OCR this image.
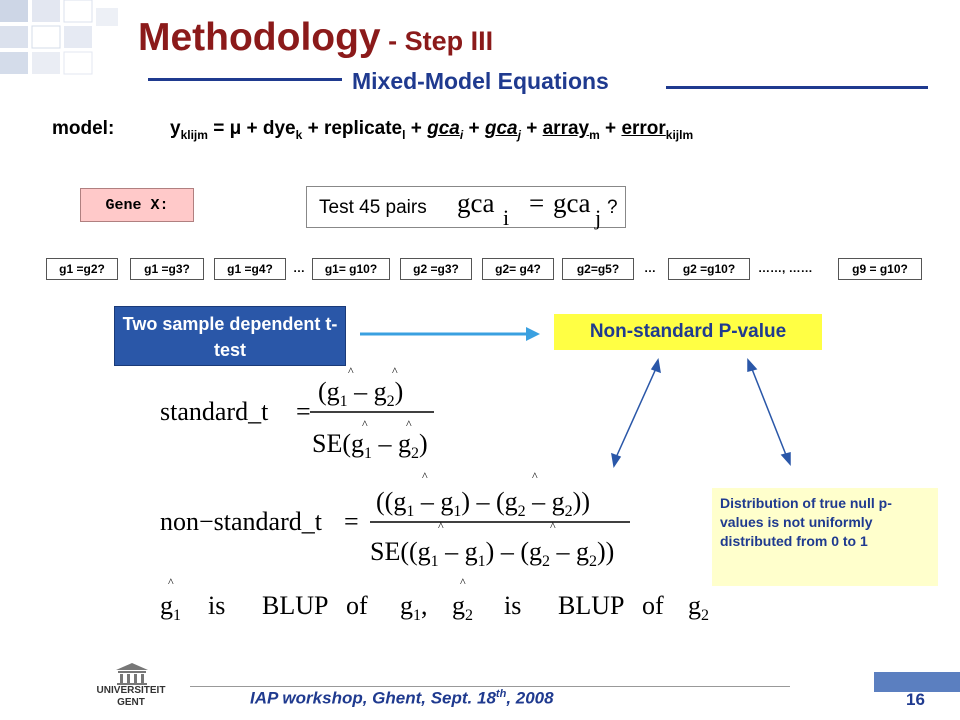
Methodology - Step III
Mixed-Model Equations
model:	$y_{klijm} = \mu + dye_k$ + replicate$_l$ + gca$_i$ + gca$_j$ + array$_m$ + error$_{kijlm}$
Gene X:	Test 45 pairs gca i = gca j ?
g1 =g2?	g1 =g3?	g1 =g4?	…	g1= g10?	g2 =g3?	g2= g4?	g2=g5?	…	g2 =g10?	……, ……	g9 = g10?
Two sample dependent t-test
Non-standard P-value
Distribution of true null p-values is not uniformly distributed from 0 to 1
standard_t =
^	^
$(g_1 - g_2)$
^	^
$SE(g_1 - g_2)$
non−standard_t =
^	^
$((g_1 - g_1) - (g_2 - g_2))$
^	^
$SE((g_1 - g_1) - (g_2 - g_2))$
^	^
$g_1$ is BLUP of $g_1$, $g_2$ is BLUP of $g_2$
UNIVERSITEIT GENT	IAP workshop, Ghent, Sept. 18th, 2008	16
